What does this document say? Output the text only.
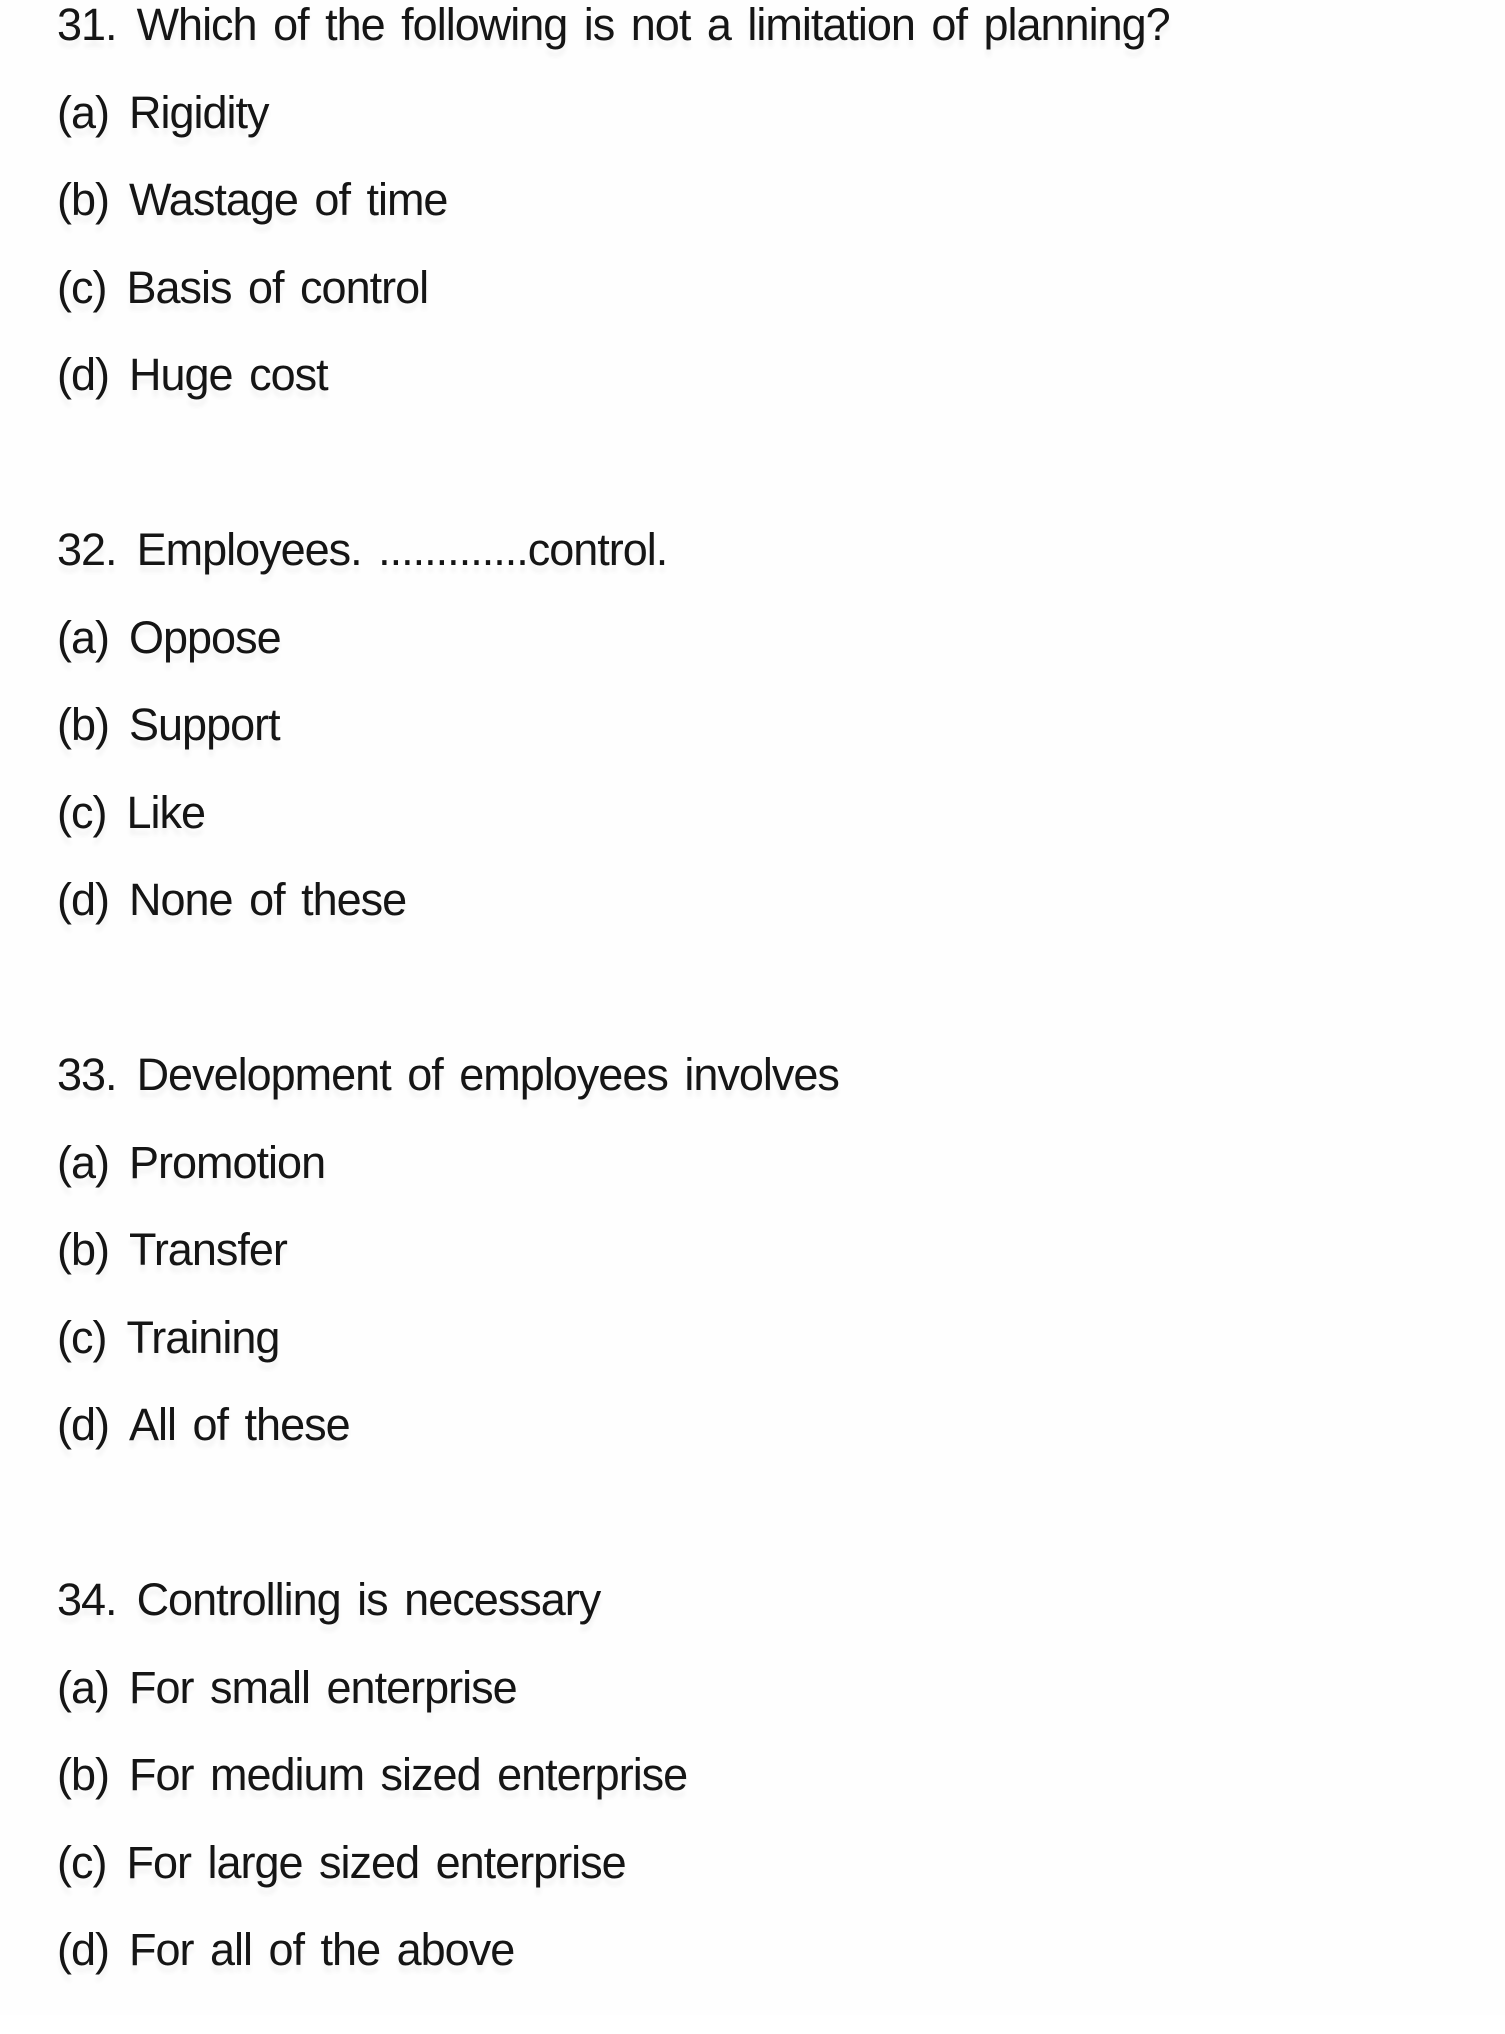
31. Which of the following is not a limitation of planning?
(a) Rigidity
(b) Wastage of time
(c) Basis of control
(d) Huge cost
32. Employees. .............control.
(a) Oppose
(b) Support
(c) Like
(d) None of these
33. Development of employees involves
(a) Promotion
(b) Transfer
(c) Training
(d) All of these
34. Controlling is necessary
(a) For small enterprise
(b) For medium sized enterprise
(c) For large sized enterprise
(d) For all of the above
